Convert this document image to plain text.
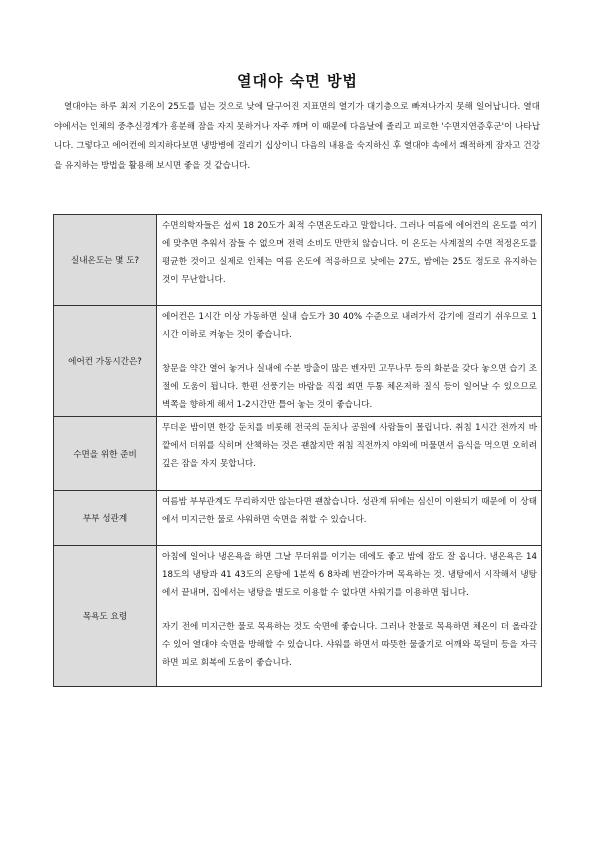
열대야 숙면 방법

열대야는 하루 최저 기온이 25도를 넘는 것으로 낮에 달구어진 지표면의 열기가 대기층으로 빠져나가지 못해 일어납니다. 열대야에서는 인체의 중추신경계가 흥분해 잠을 자지 못하거나 자주 깨며 이 때문에 다음날에 졸리고 피로한 '수면지연증후군'이 나타납니다. 그렇다고 에어컨에 의지하다보면 냉방병에 걸리기 십상이니 다음의 내용을 숙지하신 후 열대야 속에서 쾌적하게 잠자고 건강을 유지하는 방법을 활용해 보시면 좋을 것 같습니다.

실내온도는 몇 도?	수면의학자들은 섭씨 18 20도가 최적 수면온도라고 말합니다. 그러나 여름에 에어컨의 온도를 여기에 맞추면 추워서 잠들 수 없으며 전력 소비도 만만치 않습니다. 이 온도는 사계절의 수면 적정온도를 평균한 것이고 실제로 인체는 여름 온도에 적응하므로 낮에는 27도, 밤에는 25도 정도로 유지하는 것이 무난합니다.

에어컨 가동시간은?	에어컨은 1시간 이상 가동하면 실내 습도가 30 40% 수준으로 내려가서 감기에 걸리기 쉬우므로 1시간 이하로 켜놓는 것이 좋습니다.

창문을 약간 열어 놓거나 실내에 수분 방출이 많은 벤자민 고무나무 등의 화분을 갖다 놓으면 습기 조절에 도움이 됩니다. 한편 선풍기는 바람을 직접 쐬면 두통 체온저하 질식 등이 일어날 수 있으므로 벽쪽을 향하게 해서 1-2시간만 틀어 놓는 것이 좋습니다.

수면을 위한 준비	무더운 밤이면 한강 둔치를 비롯해 전국의 둔치나 공원에 사람들이 몰립니다. 취침 1시간 전까지 바깥에서 더위를 식히며 산책하는 것은 괜찮지만 취침 직전까지 야외에 머물면서 음식을 먹으면 오히려 깊은 잠을 자지 못합니다.

부부 성관계	여름밤 부부관계도 무리하지만 않는다면 괜찮습니다. 성관계 뒤에는 심신이 이완되기 때문에 이 상태에서 미지근한 물로 샤워하면 숙면을 취할 수 있습니다.

목욕도 요령	아침에 일어나 냉온욕을 하면 그날 무더위를 이기는 데에도 좋고 밤에 잠도 잘 옵니다. 냉온욕은 14 18도의 냉탕과 41 43도의 온탕에 1분씩 6 8차례 번갈아가며 목욕하는 것. 냉탕에서 시작해서 냉탕에서 끝내며, 집에서는 냉탕을 별도로 이용할 수 없다면 샤워기를 이용하면 됩니다.

자기 전에 미지근한 물로 목욕하는 것도 숙면에 좋습니다. 그러나 찬물로 목욕하면 체온이 더 올라갈 수 있어 열대야 숙면을 방해할 수 있습니다. 샤워를 하면서 따뜻한 물줄기로 어깨와 목덜미 등을 자극하면 피로 회복에 도움이 좋습니다.
